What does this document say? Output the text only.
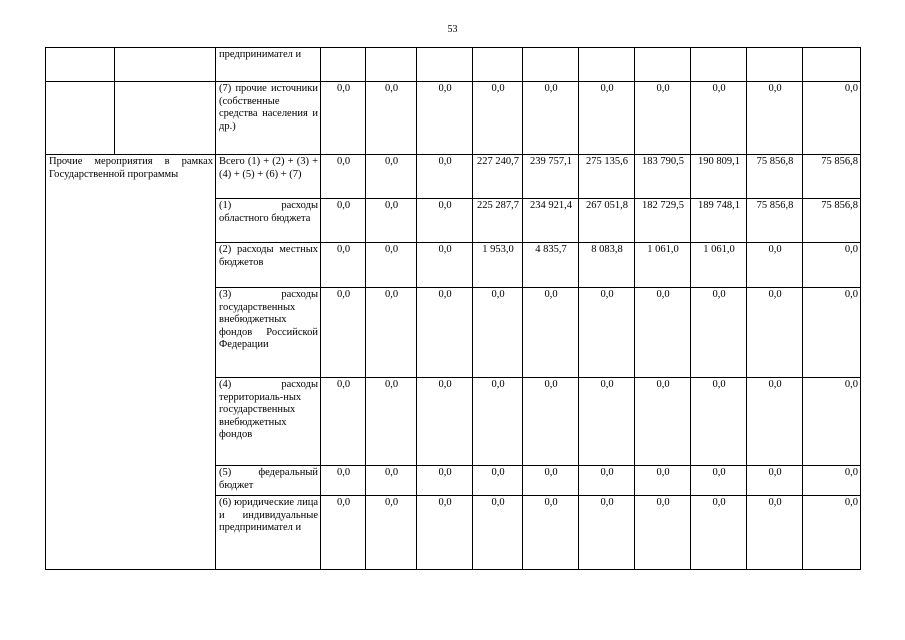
53
		предпринимател и										
		(7) прочие источники (собственные средства населения и др.)	0,0	0,0	0,0	0,0	0,0	0,0	0,0	0,0	0,0	0,0
Прочие мероприятия в рамках Государственной программы		Всего (1) + (2) + (3) + (4) + (5) + (6) + (7)	0,0	0,0	0,0	227 240,7	239 757,1	275 135,6	183 790,5	190 809,1	75 856,8	75 856,8
		(1) расходы областного бюджета	0,0	0,0	0,0	225 287,7	234 921,4	267 051,8	182 729,5	189 748,1	75 856,8	75 856,8
		(2) расходы местных бюджетов	0,0	0,0	0,0	1 953,0	4 835,7	8 083,8	1 061,0	1 061,0	0,0	0,0
		(3) расходы государственных внебюджетных фондов Российской Федерации	0,0	0,0	0,0	0,0	0,0	0,0	0,0	0,0	0,0	0,0
		(4) расходы территориаль-ных государственных внебюджетных фондов	0,0	0,0	0,0	0,0	0,0	0,0	0,0	0,0	0,0	0,0
		(5) федеральный бюджет	0,0	0,0	0,0	0,0	0,0	0,0	0,0	0,0	0,0	0,0
		(6) юридические лица и индивидуальные предпринимател и	0,0	0,0	0,0	0,0	0,0	0,0	0,0	0,0	0,0	0,0
